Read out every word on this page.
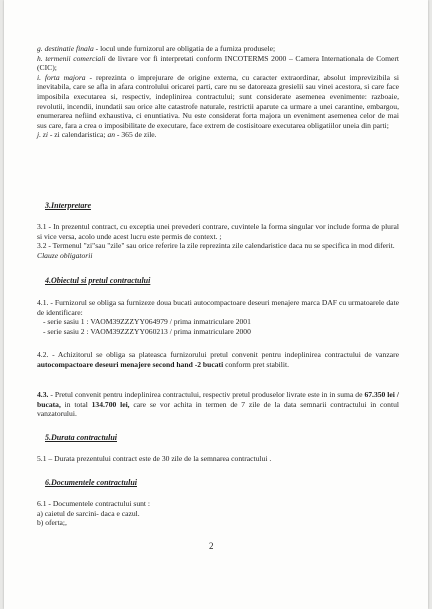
g. destinatie finala - locul unde furnizorul are obligatia de a furniza produsele;

h. termenii comerciali de livrare vor fi interpretati conform INCOTERMS 2000 – Camera Internationala de Comert (CIC);

i. forta majora - reprezinta o imprejurare de origine externa, cu caracter extraordinar, absolut imprevizibila si inevitabila, care se afla in afara controlului oricarei parti, care nu se datoreaza gresielii sau vinei acestora, si care face imposibila executarea si, respectiv, indeplinirea contractului; sunt considerate asemenea evenimente: razboaie, revolutii, incendii, inundatii sau orice alte catastrofe naturale, restrictii aparute ca urmare a unei carantine, embargou, enumerarea nefiind exhaustiva, ci enuntiativa. Nu este considerat forta majora un eveniment asemenea celor de mai sus care, fara a crea o imposibilitate de executare, face extrem de costisitoare executarea obligatiilor uneia din parti;

j. zi - zi calendaristica; an - 365 de zile.

3.Interpretare

3.1 - In prezentul contract, cu exceptia unei prevederi contrare, cuvintele la forma singular vor include forma de plural si vice versa, acolo unde acest lucru este permis de context. ;

3.2 - Termenul "zi"sau "zile" sau orice referire la zile reprezinta zile calendaristice daca nu se specifica in mod diferit.

Clauze obligatorii

4.Obiectul si pretul contractului

4.1. - Furnizorul se obliga sa furnizeze doua bucati autocompactoare deseuri menajere marca DAF cu urmatoarele date de identificare:

- serie sasiu 1 : VAOM39ZZZYY064979 / prima inmatriculare 2001

- serie sasiu 2 : VAOM39ZZZYY060213 / prima inmatriculare 2000

4.2. - Achizitorul se obliga sa plateasca furnizorului pretul convenit pentru indeplinirea contractului de vanzare autocompactoare deseuri menajere second hand -2 bucati conform pret stabilit.

4.3. - Pretul convenit pentru indeplinirea contractului, respectiv pretul produselor livrate este in in suma de 67.350 lei / bucata, in total 134.700 lei, care se vor achita in termen de 7 zile de la data semnarii contractului in contul vanzatorului.

5.Durata contractului

5.1 – Durata prezentului contract este de 30 zile de la semnarea contractului .

6.Documentele contractului

6.1 - Documentele contractului sunt :

a) caietul de sarcini- daca e cazul.

b) oferta;,

2
